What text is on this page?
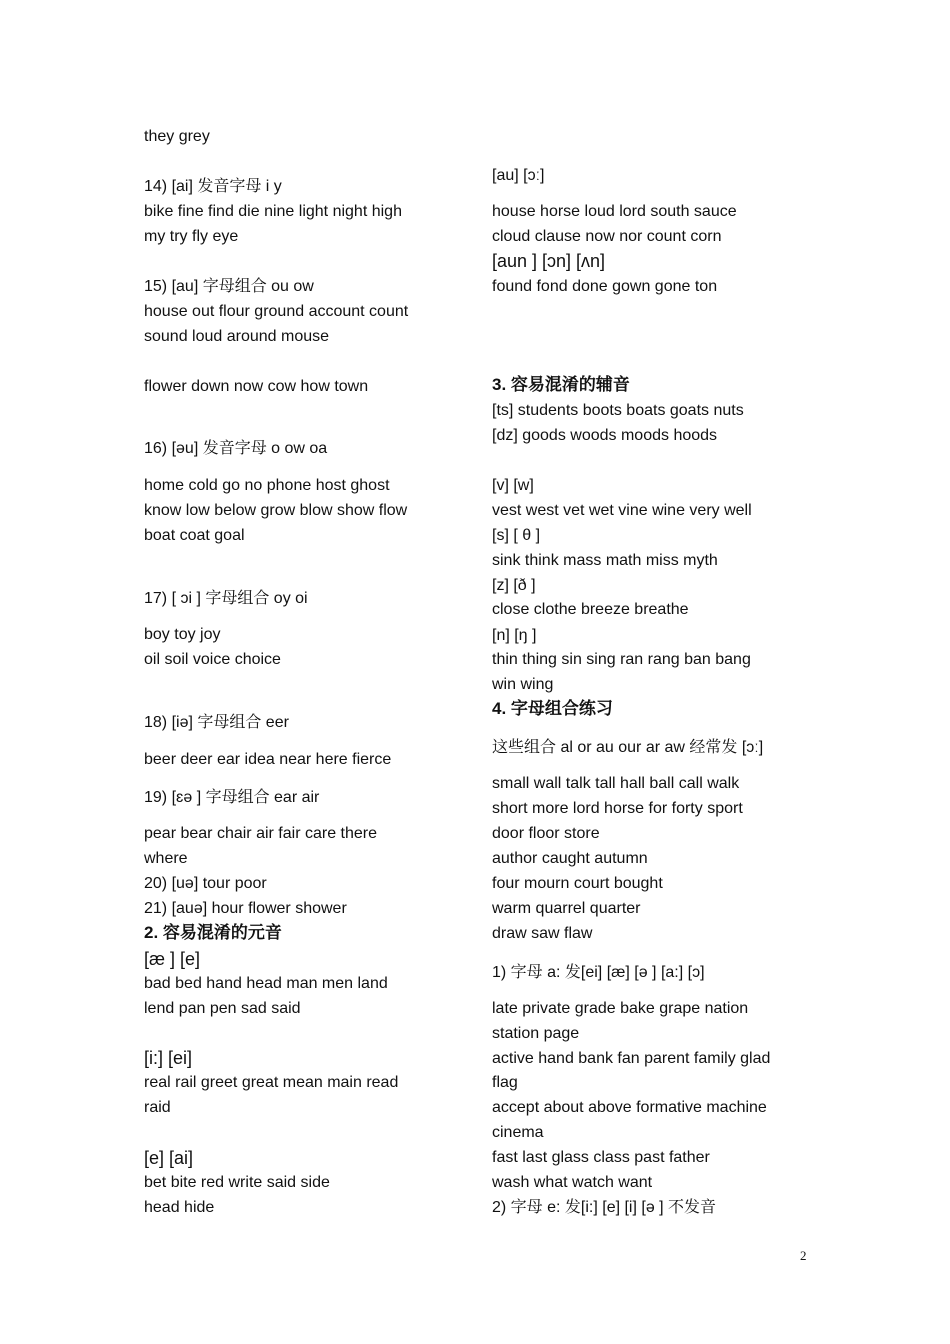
they grey
14) [ai] 发音字母 i y
bike fine find die nine light night high
my try fly eye
15) [au] 字母组合 ou ow
house out flour ground account count
sound loud around mouse
flower down now cow how town
16) [əu] 发音字母 o ow oa
home cold go no phone host ghost
know low below grow blow show flow
boat coat goal
17) [ ɔi ] 字母组合 oy oi
boy toy joy
oil soil voice choice
18) [iə] 字母组合 eer
beer deer ear idea near here fierce
19) [ɛə ] 字母组合 ear air
pear bear chair air fair care there
where
20) [uə] tour poor
21) [auə] hour flower shower
2. 容易混淆的元音
[æ ] [e]
bad bed hand head man men land
lend pan pen sad said
[i:] [ei]
real rail greet great mean main read
raid
[e] [ai]
bet bite red write said side
head hide
[au] [ɔː]
house horse loud lord south sauce
cloud clause now nor count corn
[aun ] [ɔn] [ʌn]
found fond done gown gone ton
3. 容易混淆的辅音
[ts] students boots boats goats nuts
[dz] goods woods moods hoods
[v] [w]
vest west vet wet vine wine very well
[s] [ θ ]
sink think mass math miss myth
[z] [ð ]
close clothe breeze breathe
[n] [ŋ ]
thin thing sin sing ran rang ban bang
win wing
4. 字母组合练习
这些组合 al or au our ar aw 经常发 [ɔː]
small wall talk tall hall ball call walk
short more lord horse for forty sport
door floor store
author caught autumn
four mourn court bought
warm quarrel quarter
draw saw flaw
1) 字母 a: 发[ei] [æ] [ə ] [a:] [ɔ]
late private grade bake grape nation
station page
active hand bank fan parent family glad
flag
accept about above formative machine
cinema
fast last glass class past father
wash what watch want
2) 字母 e: 发[i:] [e] [i] [ə ] 不发音
2
